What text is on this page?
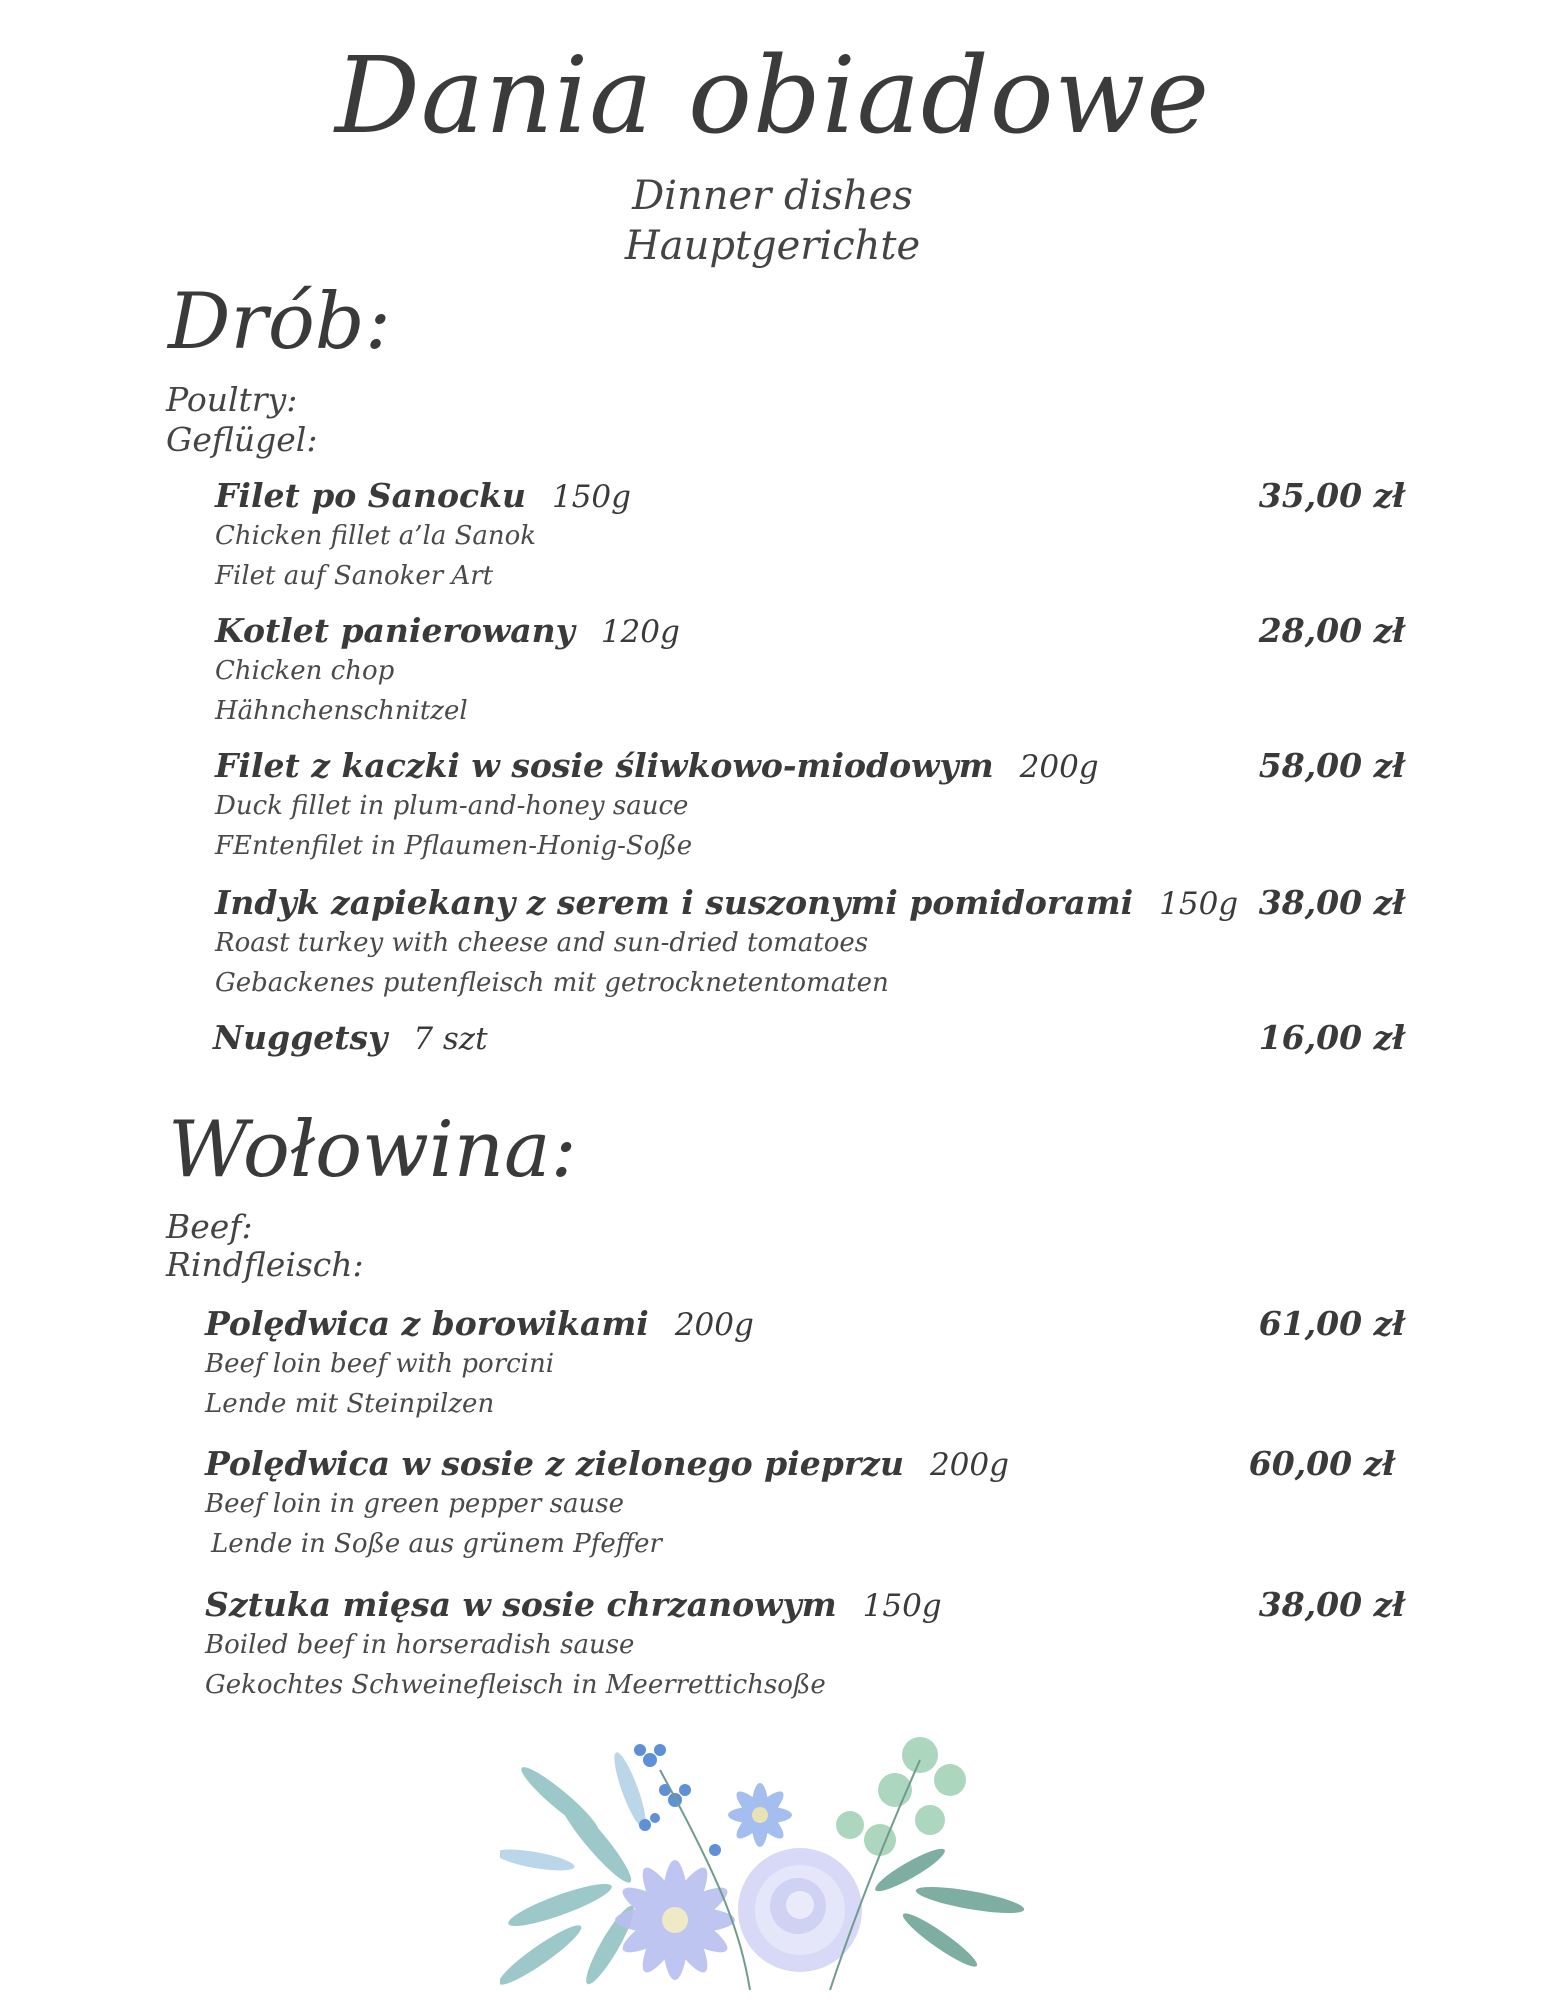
Dania obiadowe
Dinner dishes
Hauptgerichte
Drób:
Poultry:
Geflügel:
Filet po Sanocku 150g	35,00 zł
Chicken fillet a’la Sanok
Filet auf Sanoker Art
Kotlet panierowany 120g	28,00 zł
Chicken chop
Hähnchenschnitzel
Filet z kaczki w sosie śliwkowo-miodowym 200g	58,00 zł
Duck fillet in plum-and-honey sauce
FEntenfilet in Pflaumen-Honig-Soße
Indyk zapiekany z serem i suszonymi pomidorami 150g 38,00 zł
Roast turkey with cheese and sun-dried tomatoes
Gebackenes putenfleisch mit getrocknetentomaten
Nuggetsy 7 szt	16,00 zł
Wołowina:
Beef:
Rindfleisch:
Polędwica z borowikami 200g	61,00 zł
Beef loin beef with porcini
Lende mit Steinpilzen
Polędwica w sosie z zielonego pieprzu 200g	60,00 zł
Beef loin in green pepper sause
Lende in Soße aus grünem Pfeffer
Sztuka mięsa w sosie chrzanowym 150g	38,00 zł
Boiled beef in horseradish sause
Gekochtes Schweinefleisch in Meerrettichsoße
